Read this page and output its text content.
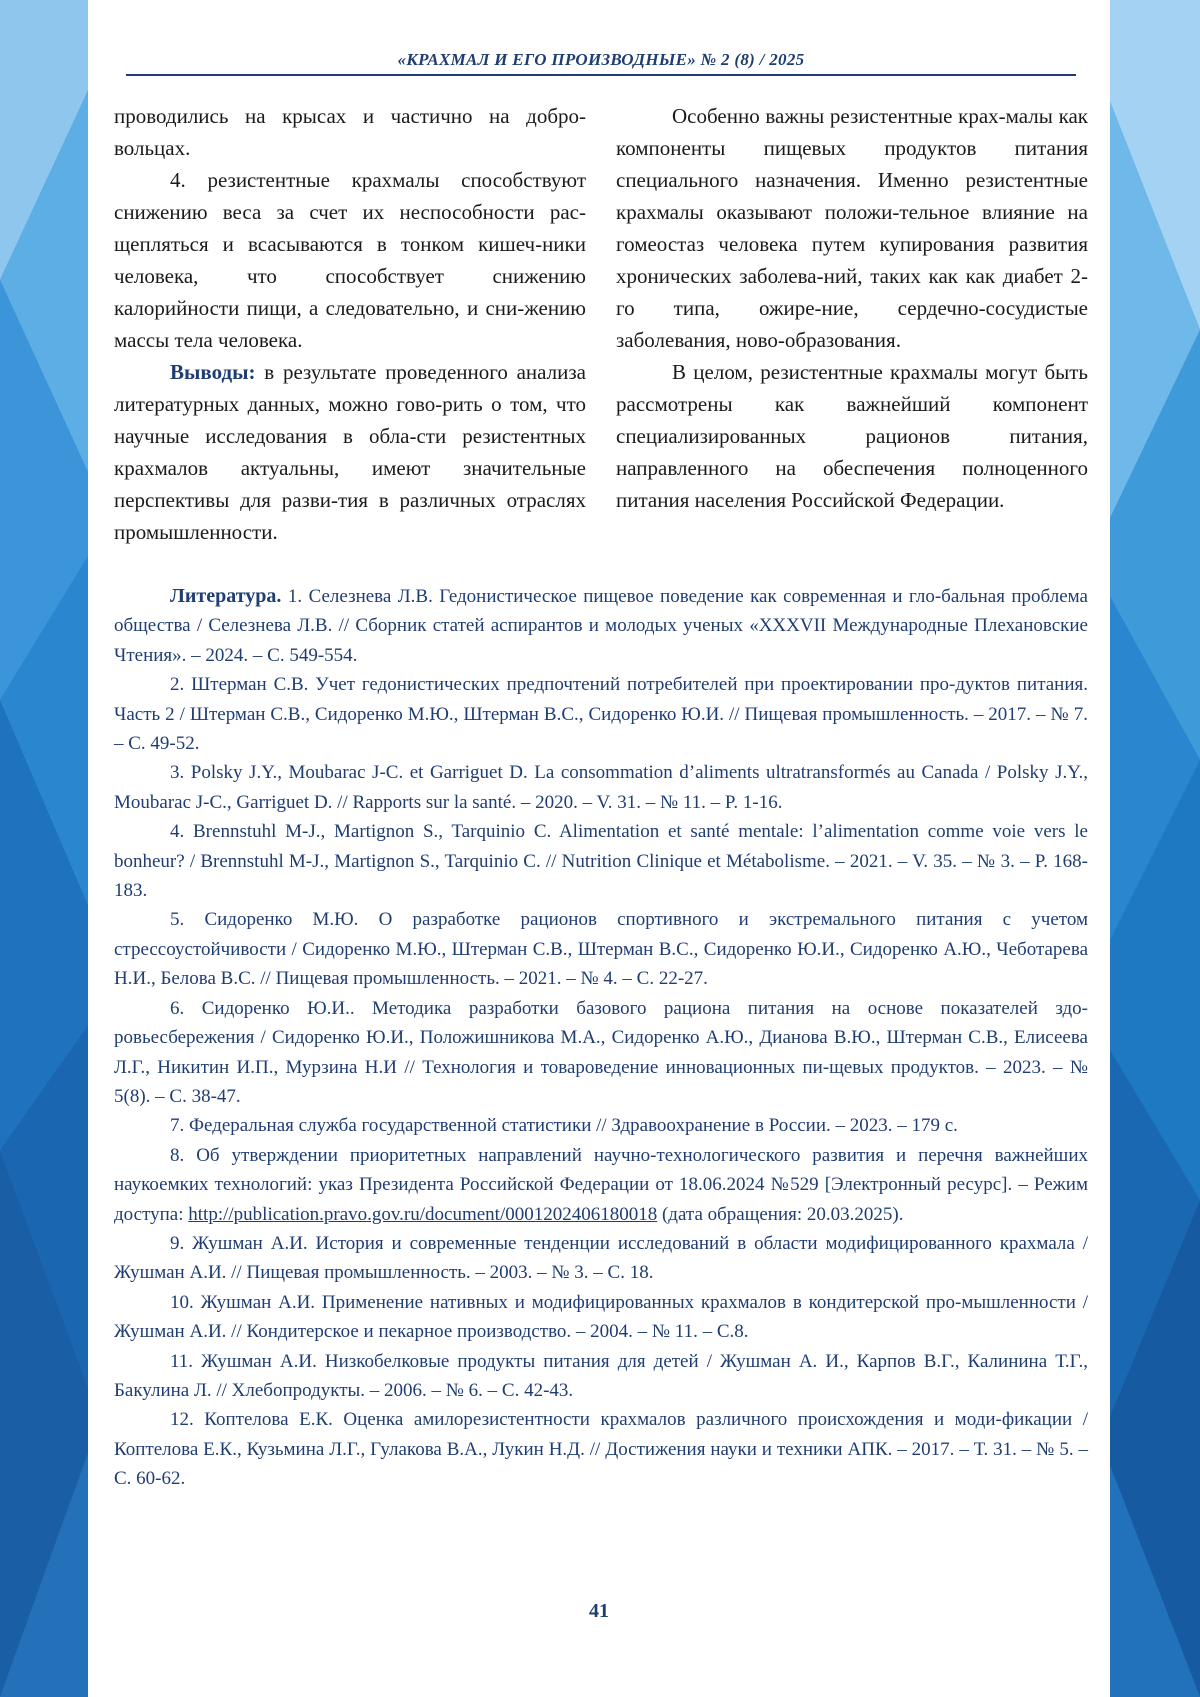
«КРАХМАЛ И ЕГО ПРОИЗВОДНЫЕ» № 2 (8) / 2025

проводились на крысах и частично на добро-вольцах.

4. резистентные крахмалы способствуют снижению веса за счет их неспособности рас-щепляться и всасываются в тонком кишеч-ники человека, что способствует снижению калорийности пищи, а следовательно, и сни-жению массы тела человека.

Выводы: в результате проведенного анализа литературных данных, можно гово-рить о том, что научные исследования в обла-сти резистентных крахмалов актуальны, имеют значительные перспективы для разви-тия в различных отраслях промышленности.

Особенно важны резистентные крах-малы как компоненты пищевых продуктов питания специального назначения. Именно резистентные крахмалы оказывают положи-тельное влияние на гомеостаз человека путем купирования развития хронических заболева-ний, таких как как диабет 2-го типа, ожире-ние, сердечно-сосудистые заболевания, ново-образования.

В целом, резистентные крахмалы могут быть рассмотрены как важнейший компонент специализированных рационов питания, направленного на обеспечения полноценного питания населения Российской Федерации.

Литература. 1. Селезнева Л.В. Гедонистическое пищевое поведение как современная и гло-бальная проблема общества / Селезнева Л.В. // Сборник статей аспирантов и молодых ученых «XXXVII Международные Плехановские Чтения». – 2024. – С. 549-554.

2. Штерман С.В. Учет гедонистических предпочтений потребителей при проектировании про-дуктов питания. Часть 2 / Штерман С.В., Сидоренко М.Ю., Штерман В.С., Сидоренко Ю.И. // Пищевая промышленность. – 2017. – № 7. – С. 49-52.

3. Polsky J.Y., Moubarac J-C. et Garriguet D. La consommation d’aliments ultratransformés au Canada / Polsky J.Y., Moubarac J-C., Garriguet D. // Rapports sur la santé. – 2020. – V. 31. – № 11. – P. 1-16.

4. Brennstuhl M-J., Martignon S., Tarquinio C. Alimentation et santé mentale: l’alimentation comme voie vers le bonheur? / Brennstuhl M-J., Martignon S., Tarquinio C. // Nutrition Clinique et Métabolisme. – 2021. – V. 35. – № 3. – P. 168-183.

5. Сидоренко М.Ю. О разработке рационов спортивного и экстремального питания с учетом стрессоустойчивости / Сидоренко М.Ю., Штерман С.В., Штерман В.С., Сидоренко Ю.И., Сидоренко А.Ю., Чеботарева Н.И., Белова В.С. // Пищевая промышленность. – 2021. – № 4. – С. 22-27.

6. Сидоренко Ю.И.. Методика разработки базового рациона питания на основе показателей здо-ровьесбережения / Сидоренко Ю.И., Положишникова М.А., Сидоренко А.Ю., Дианова В.Ю., Штерман С.В., Елисеева Л.Г., Никитин И.П., Мурзина Н.И // Технология и товароведение инновационных пи-щевых продуктов. – 2023. – № 5(8). – С. 38-47.

7. Федеральная служба государственной статистики // Здравоохранение в России. – 2023. – 179 с.

8. Об утверждении приоритетных направлений научно-технологического развития и перечня важнейших наукоемких технологий: указ Президента Российской Федерации от 18.06.2024 №529 [Электронный ресурс]. – Режим доступа: http://publication.pravo.gov.ru/document/0001202406180018 (дата обращения: 20.03.2025).

9. Жушман А.И. История и современные тенденции исследований в области модифицированного крахмала / Жушман А.И. // Пищевая промышленность. – 2003. – № 3. – С. 18.

10. Жушман А.И. Применение нативных и модифицированных крахмалов в кондитерской про-мышленности / Жушман А.И. // Кондитерское и пекарное производство. – 2004. – № 11. – С.8.

11. Жушман А.И. Низкобелковые продукты питания для детей / Жушман А. И., Карпов В.Г., Калинина Т.Г., Бакулина Л. // Хлебопродукты. – 2006. – № 6. – С. 42-43.

12. Коптелова Е.К. Оценка амилорезистентности крахмалов различного происхождения и моди-фикации / Коптелова Е.К., Кузьмина Л.Г., Гулакова В.А., Лукин Н.Д. // Достижения науки и техники АПК. – 2017. – Т. 31. – № 5. – С. 60-62.

41
